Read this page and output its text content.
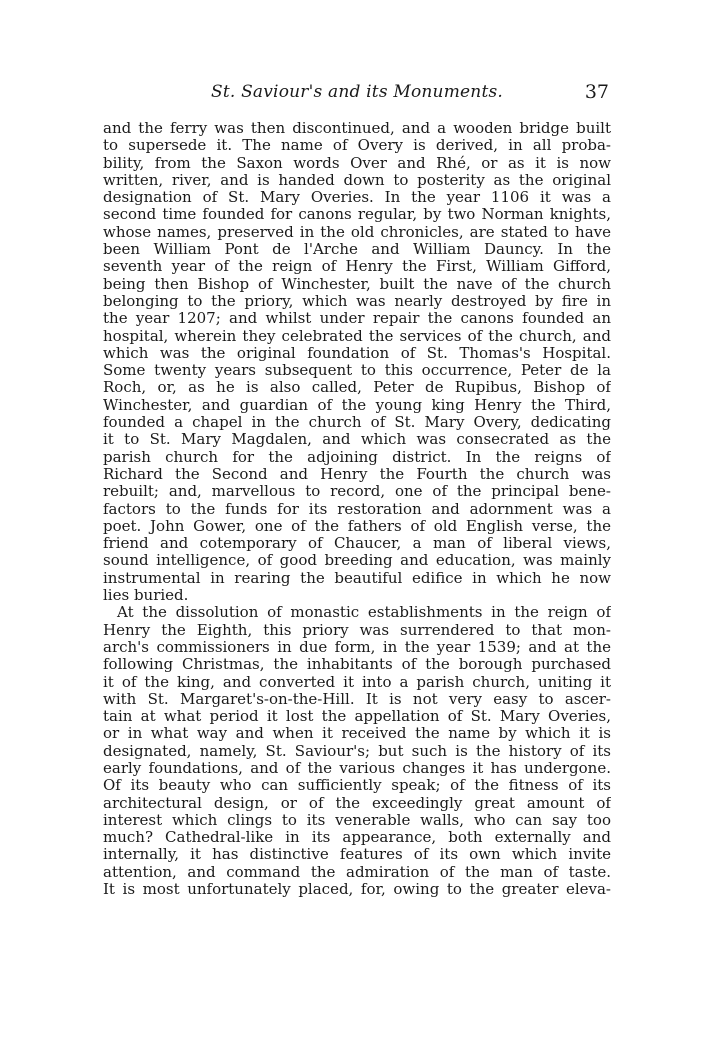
St. Saviour's and its Monuments.	37
and the ferry was then discontinued, and a wooden bridge built
to supersede it. The name of Overy is derived, in all proba-
bility, from the Saxon words Over and Rhé, or as it is now
written, river, and is handed down to posterity as the original
designation of St. Mary Overies. In the year 1106 it was a
second time founded for canons regular, by two Norman knights,
whose names, preserved in the old chronicles, are stated to have
been William Pont de l'Arche and William Dauncy. In the
seventh year of the reign of Henry the First, William Gifford,
being then Bishop of Winchester, built the nave of the church
belonging to the priory, which was nearly destroyed by fire in
the year 1207; and whilst under repair the canons founded an
hospital, wherein they celebrated the services of the church, and
which was the original foundation of St. Thomas's Hospital.
Some twenty years subsequent to this occurrence, Peter de la
Roch, or, as he is also called, Peter de Rupibus, Bishop of
Winchester, and guardian of the young king Henry the Third,
founded a chapel in the church of St. Mary Overy, dedicating
it to St. Mary Magdalen, and which was consecrated as the
parish church for the adjoining district. In the reigns of
Richard the Second and Henry the Fourth the church was
rebuilt; and, marvellous to record, one of the principal bene-
factors to the funds for its restoration and adornment was a
poet. John Gower, one of the fathers of old English verse, the
friend and cotemporary of Chaucer, a man of liberal views,
sound intelligence, of good breeding and education, was mainly
instrumental in rearing the beautiful edifice in which he now
lies buried.
At the dissolution of monastic establishments in the reign of
Henry the Eighth, this priory was surrendered to that mon-
arch's commissioners in due form, in the year 1539; and at the
following Christmas, the inhabitants of the borough purchased
it of the king, and converted it into a parish church, uniting it
with St. Margaret's-on-the-Hill. It is not very easy to ascer-
tain at what period it lost the appellation of St. Mary Overies,
or in what way and when it received the name by which it is
designated, namely, St. Saviour's; but such is the history of its
early foundations, and of the various changes it has undergone.
Of its beauty who can sufficiently speak; of the fitness of its
architectural design, or of the exceedingly great amount of
interest which clings to its venerable walls, who can say too
much? Cathedral-like in its appearance, both externally and
internally, it has distinctive features of its own which invite
attention, and command the admiration of the man of taste.
It is most unfortunately placed, for, owing to the greater eleva-
